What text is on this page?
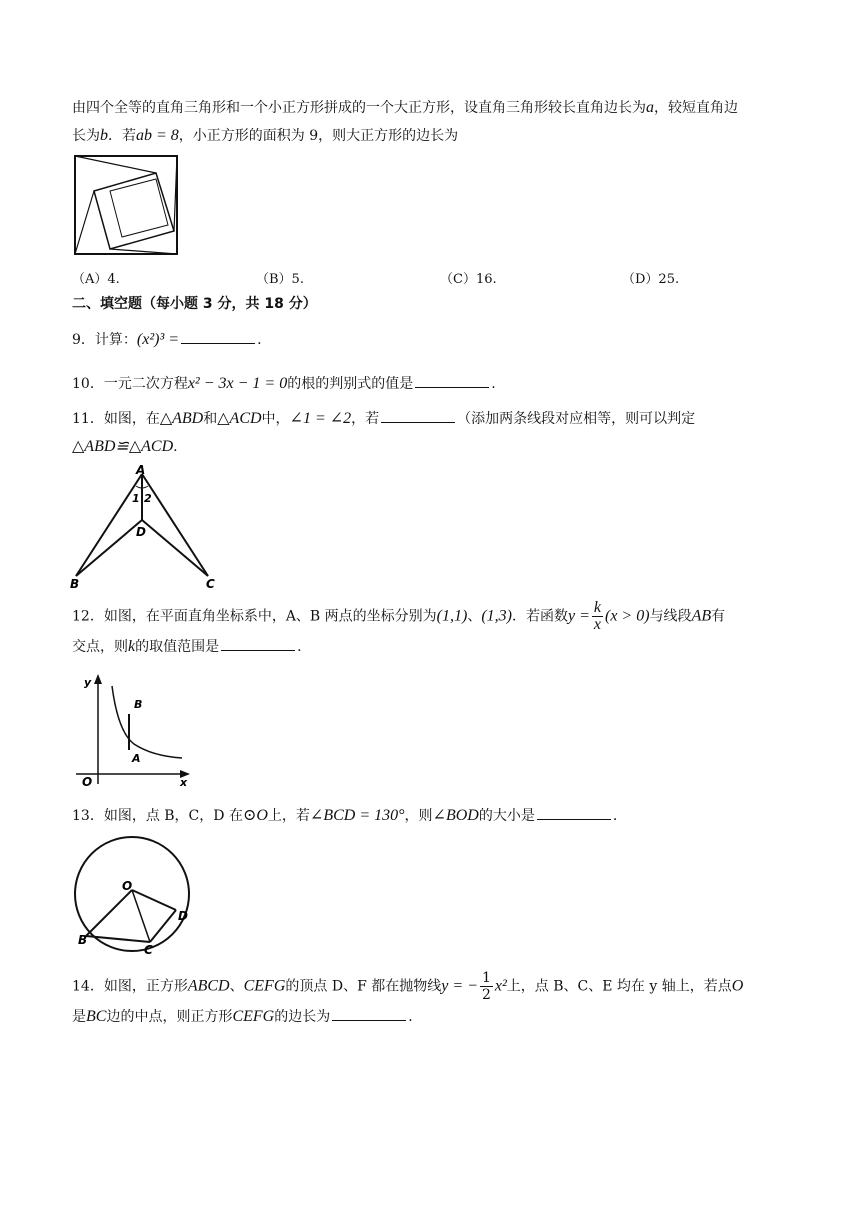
由四个全等的直角三角形和一个小正方形拼成的一个大正方形，设直角三角形较长直角边长为a，较短直角边
长为b．若ab = 8，小正方形的面积为 9，则大正方形的边长为
（A）4.	（B）5.	（C）16.	（D）25.
二、填空题（每小题 3 分，共 18 分）
9．计算：(x²)³ =	.
10．一元二次方程x² − 3x − 1 = 0的根的判别式的值是	.
11．如图，在△ABD和△ACD中，∠1 = ∠2，若	（添加两条线段对应相等，则可以判定
△ABD≌△ACD.
A
1 2
D
B	C
12．如图，在平面直角坐标系中，A、B 两点的坐标分别为(1,1)、(1,3)．若函数$y = \frac{k}{x} (x > 0)$与线段AB有
交点，则k的取值范围是	.
y
x
O
B
A
13．如图，点 B，C，D 在⊙O上，若∠BCD = 130°，则∠BOD的大小是	.
O
B
C
D
14．如图，正方形ABCD、CEFG的顶点 D、F 都在抛物线y = − $\frac{1}{2} x^2$上，点 B、C、E 均在 y 轴上，若点O
是BC边的中点，则正方形CEFG的边长为	.
